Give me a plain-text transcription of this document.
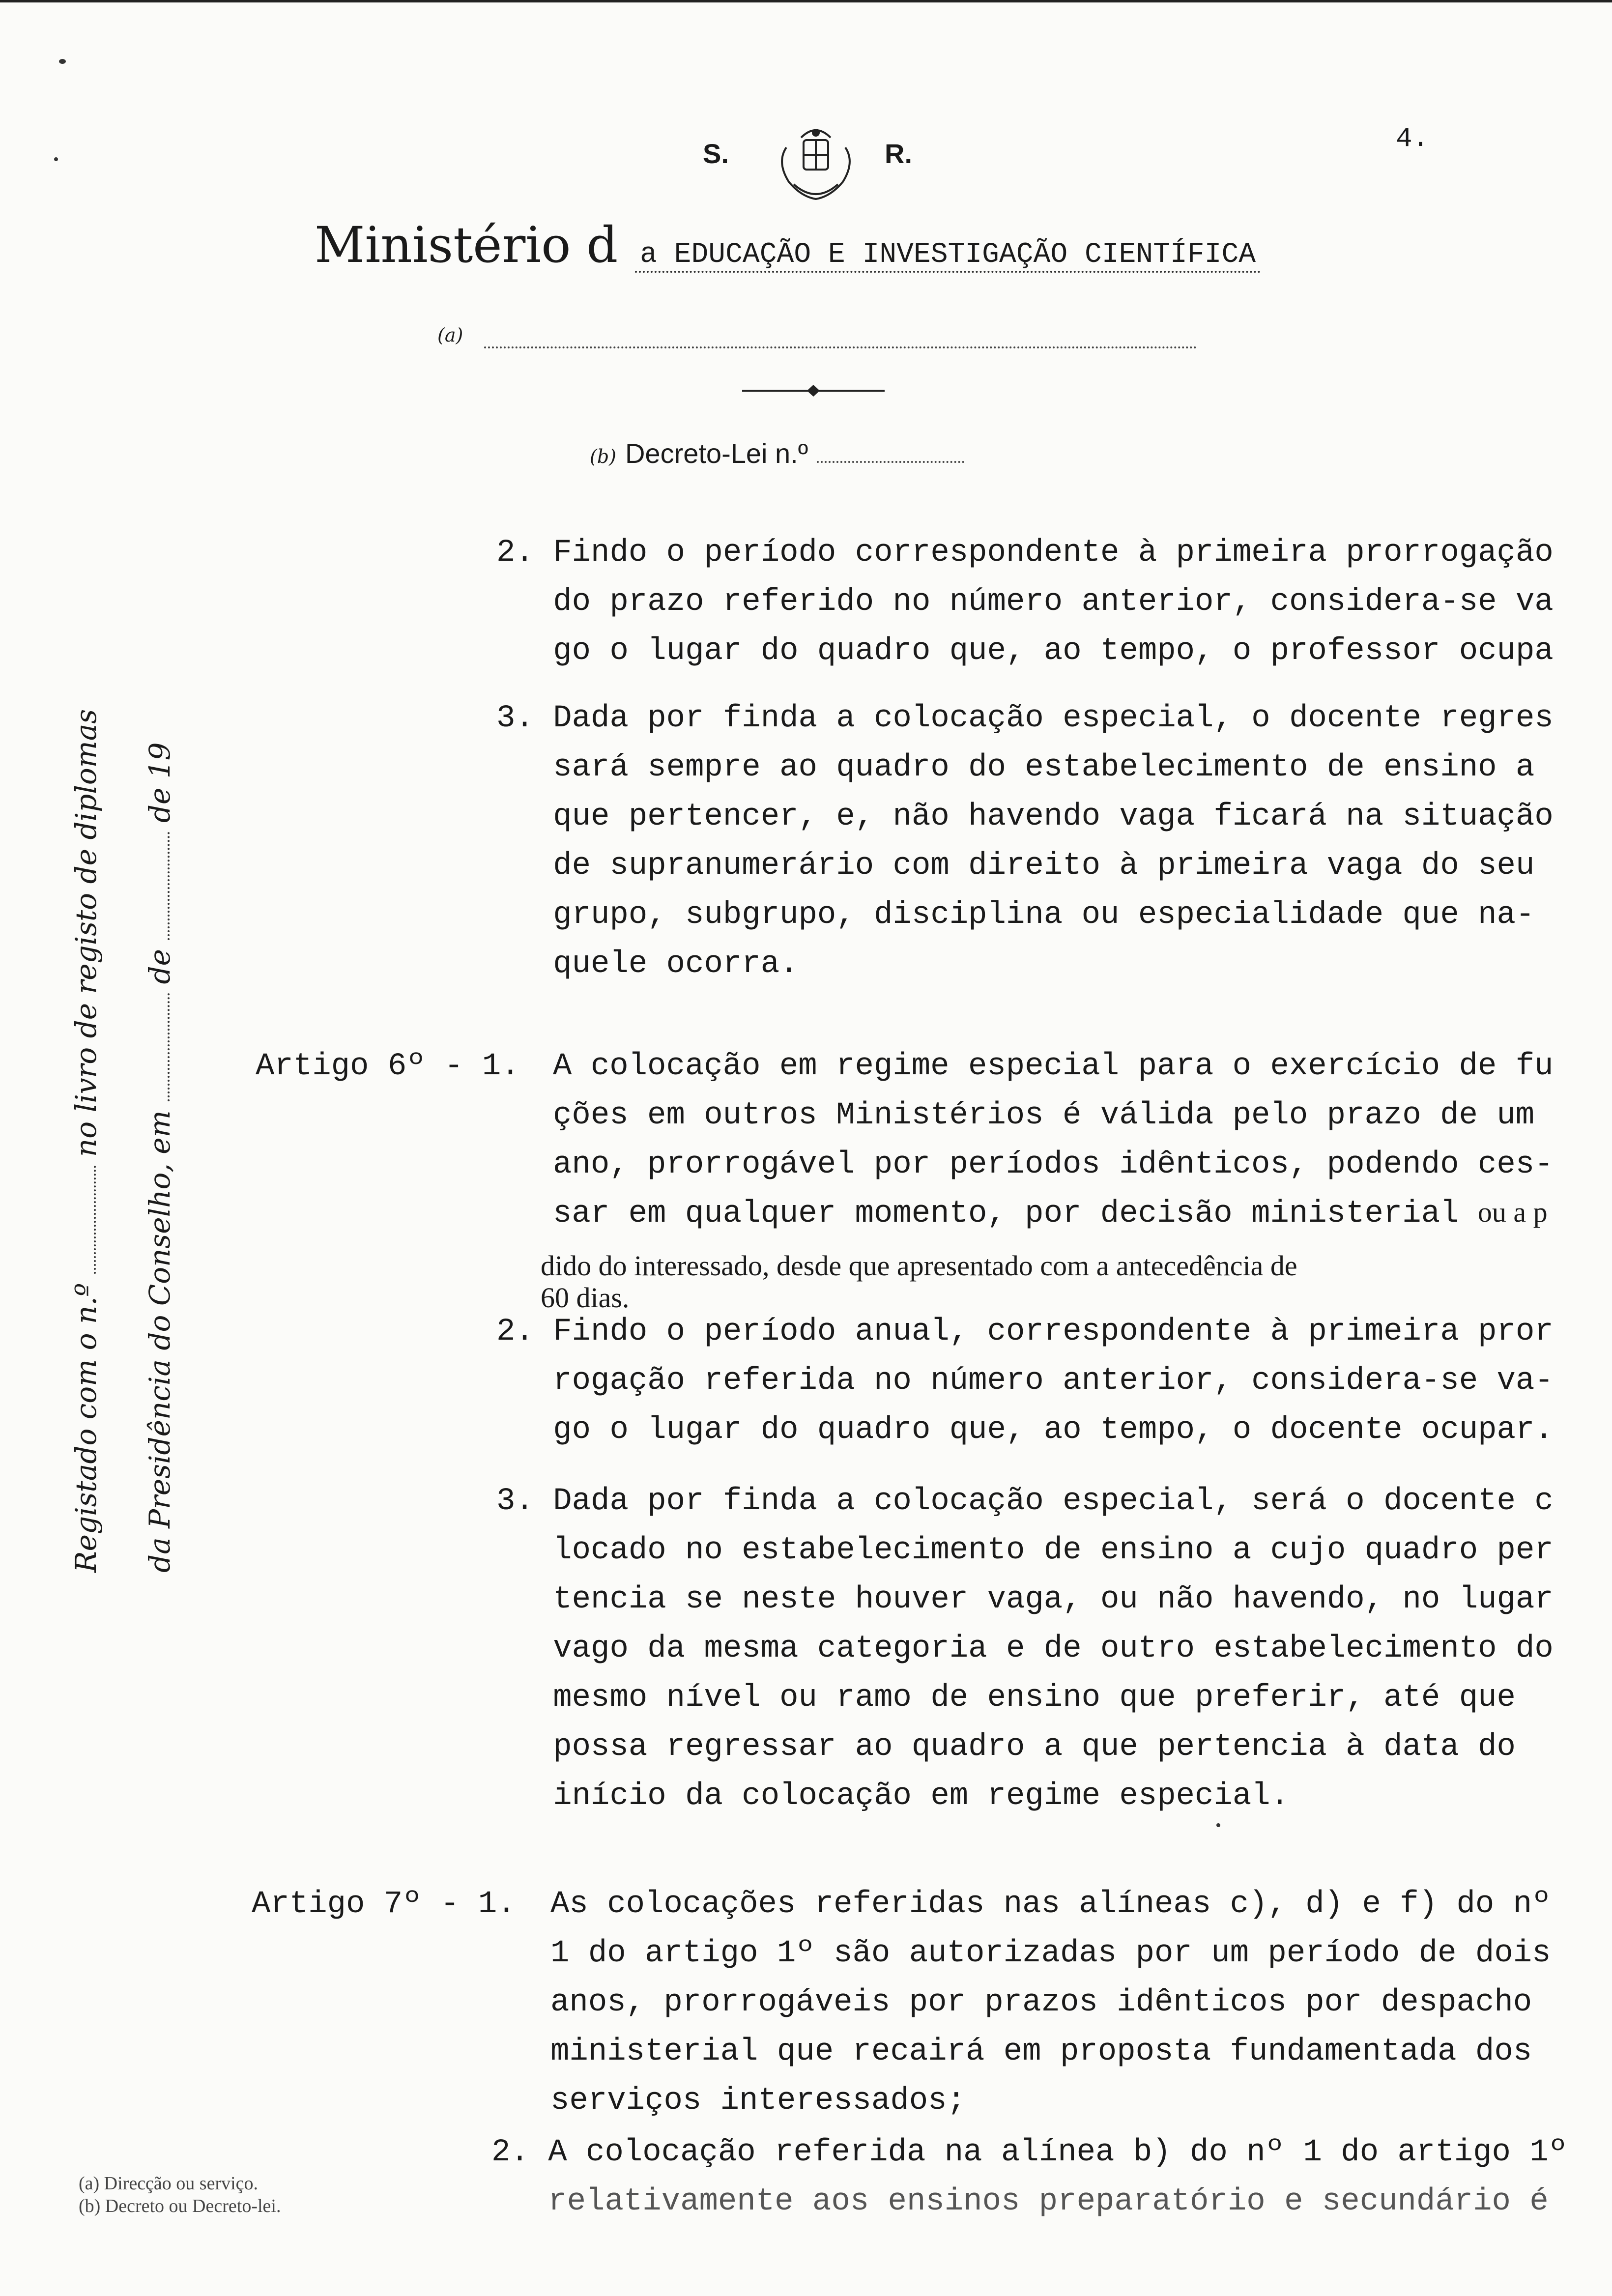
4.
S.	R.
Ministério d a EDUCAÇÃO E INVESTIGAÇÃO CIENTÍFICA
(a)
(b) Decreto-Lei n.º
Registado com o n.º  no livro de registo de diplomas
da Presidência do Conselho, em  de  de 19
2. Findo o período correspondente à primeira prorrogação
do prazo referido no número anterior, considera-se va
go o lugar do quadro que, ao tempo, o professor ocupa
3. Dada por finda a colocação especial, o docente regres
sará sempre ao quadro do estabelecimento de ensino a
que pertencer, e, não havendo vaga ficará na situação
de supranumerário com direito à primeira vaga do seu
grupo, subgrupo, disciplina ou especialidade que na-
quele ocorra.
Artigo 6º - 1. A colocação em regime especial para o exercício de fu
ções em outros Ministérios é válida pelo prazo de um
ano, prorrogável por períodos idênticos, podendo ces-
sar em qualquer momento, por decisão ministerial ou a p
dido do interessado, desde que apresentado com a antecedência de
60 dias.
2. Findo o período anual, correspondente à primeira pror
rogação referida no número anterior, considera-se va-
go o lugar do quadro que, ao tempo, o docente ocupar.
3. Dada por finda a colocação especial, será o docente c
locado no estabelecimento de ensino a cujo quadro per
tencia se neste houver vaga, ou não havendo, no lugar
vago da mesma categoria e de outro estabelecimento do
mesmo nível ou ramo de ensino que preferir, até que
possa regressar ao quadro a que pertencia à data do
início da colocação em regime especial.
Artigo 7º - 1. As colocações referidas nas alíneas c), d) e f) do nº
1 do artigo 1º são autorizadas por um período de dois
anos, prorrogáveis por prazos idênticos por despacho
ministerial que recairá em proposta fundamentada dos
serviços interessados;
2. A colocação referida na alínea b) do nº 1 do artigo 1º
relativamente aos ensinos preparatório e secundário é
(a) Direcção ou serviço.
(b) Decreto ou Decreto-lei.
